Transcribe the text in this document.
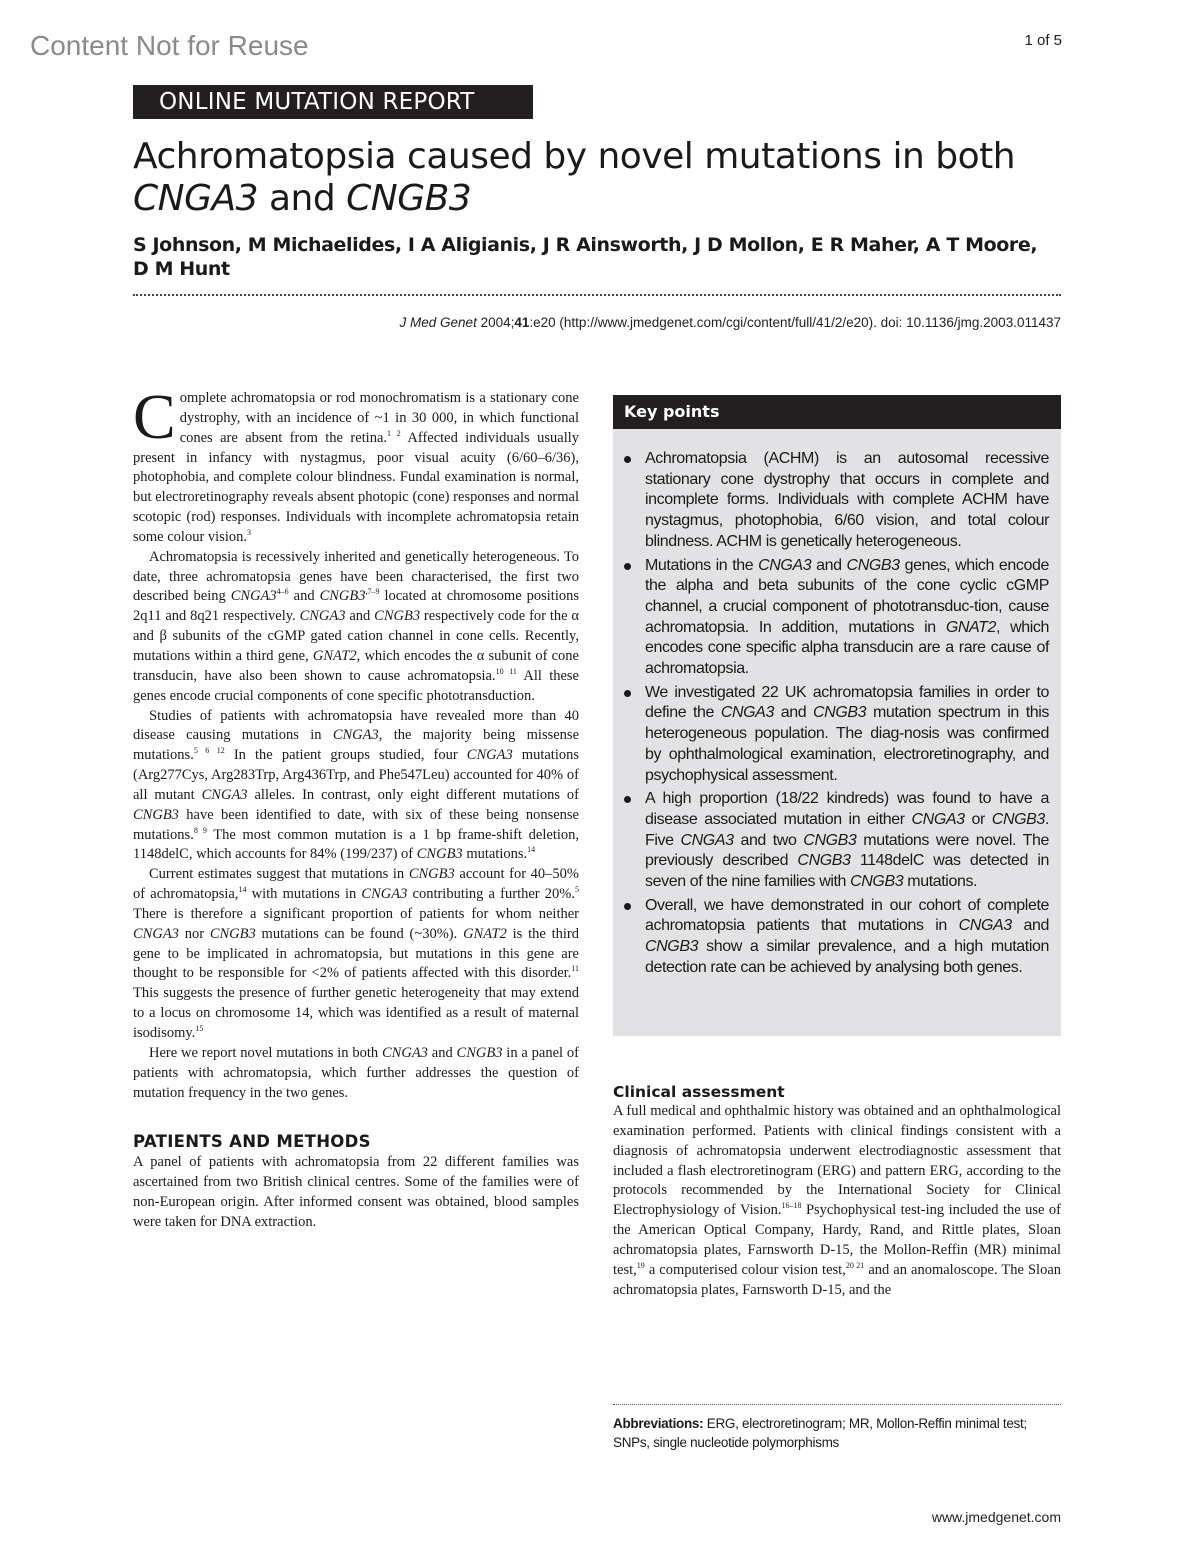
Content Not for Reuse	1 of 5
ONLINE MUTATION REPORT
Achromatopsia caused by novel mutations in both CNGA3 and CNGB3
S Johnson, M Michaelides, I A Aligianis, J R Ainsworth, J D Mollon, E R Maher, A T Moore, D M Hunt
J Med Genet 2004;41:e20 (http://www.jmedgenet.com/cgi/content/full/41/2/e20). doi: 10.1136/jmg.2003.011437

Complete achromatopsia or rod monochromatism is a stationary cone dystrophy, with an incidence of ~1 in 30 000, in which functional cones are absent from the retina.$^{1 2}$ Affected individuals usually present in infancy with nystagmus, poor visual acuity (6/60–6/36), photophobia, and complete colour blindness. Fundal examination is normal, but electroretinography reveals absent photopic (cone) responses and normal scotopic (rod) responses. Individuals with incomplete achromatopsia retain some colour vision.$^3$

Achromatopsia is recessively inherited and genetically heterogeneous. To date, three achromatopsia genes have been characterised, the first two described being CNGA3$^{4-6}$ and $CNGB3^{,7-9}$ located at chromosome positions 2q11 and 8q21 respectively. CNGA3 and CNGB3 respectively code for the α and β subunits of the cGMP gated cation channel in cone cells. Recently, mutations within a third gene, GNAT2, which encodes the α subunit of cone transducin, have also been shown to cause achromatopsia.$^{10 11}$ All these genes encode crucial components of cone specific phototransduction.

Studies of patients with achromatopsia have revealed more than 40 disease causing mutations in CNGA3, the majority being missense mutations.$^{5 6 12}$ In the patient groups studied, four CNGA3 mutations (Arg277Cys, Arg283Trp, Arg436Trp, and Phe547Leu) accounted for 40% of all mutant CNGA3 alleles. In contrast, only eight different mutations of CNGB3 have been identified to date, with six of these being nonsense mutations.$^{8 9}$ The most common mutation is a 1 bp frame-shift deletion, 1148delC, which accounts for 84% (199/237) of CNGB3 mutations.$^{14}$

Current estimates suggest that mutations in CNGB3 account for 40–50% of achromatopsia,$^{14}$ with mutations in CNGA3 contributing a further 20%.$^5$ There is therefore a significant proportion of patients for whom neither CNGA3 nor CNGB3 mutations can be found (~30%). GNAT2 is the third gene to be implicated in achromatopsia, but mutations in this gene are thought to be responsible for <2% of patients affected with this disorder.$^{11}$ This suggests the presence of further genetic heterogeneity that may extend to a locus on chromosome 14, which was identified as a result of maternal isodisomy.$^{15}$

Here we report novel mutations in both CNGA3 and CNGB3 in a panel of patients with achromatopsia, which further addresses the question of mutation frequency in the two genes.

PATIENTS AND METHODS

A panel of patients with achromatopsia from 22 different families was ascertained from two British clinical centres. Some of the families were of non-European origin. After informed consent was obtained, blood samples were taken for DNA extraction.

Key points
Achromatopsia (ACHM) is an autosomal recessive stationary cone dystrophy that occurs in complete and incomplete forms. Individuals with complete ACHM have nystagmus, photophobia, 6/60 vision, and total colour blindness. ACHM is genetically heterogeneous.
Mutations in the CNGA3 and CNGB3 genes, which encode the alpha and beta subunits of the cone cyclic cGMP channel, a crucial component of phototransduc-tion, cause achromatopsia. In addition, mutations in GNAT2, which encodes cone specific alpha transducin are a rare cause of achromatopsia.
We investigated 22 UK achromatopsia families in order to define the CNGA3 and CNGB3 mutation spectrum in this heterogeneous population. The diag-nosis was confirmed by ophthalmological examination, electroretinography, and psychophysical assessment.
A high proportion (18/22 kindreds) was found to have a disease associated mutation in either CNGA3 or CNGB3. Five CNGA3 and two CNGB3 mutations were novel. The previously described CNGB3 1148delC was detected in seven of the nine families with CNGB3 mutations.
Overall, we have demonstrated in our cohort of complete achromatopsia patients that mutations in CNGA3 and CNGB3 show a similar prevalence, and a high mutation detection rate can be achieved by analysing both genes.
Clinical assessment

A full medical and ophthalmic history was obtained and an ophthalmological examination performed. Patients with clinical findings consistent with a diagnosis of achromatopsia underwent electrodiagnostic assessment that included a flash electroretinogram (ERG) and pattern ERG, according to the protocols recommended by the International Society for Clinical Electrophysiology of Vision.$^{16-18}$ Psychophysical test-ing included the use of the American Optical Company, Hardy, Rand, and Rittle plates, Sloan achromatopsia plates, Farnsworth D-15, the Mollon-Reffin (MR) minimal test,$^{19}$ a computerised colour vision test,$^{20 21}$ and an anomaloscope. The Sloan achromatopsia plates, Farnsworth D-15, and the

Abbreviations: ERG, electroretinogram; MR, Mollon-Reffin minimal test; SNPs, single nucleotide polymorphisms
www.jmedgenet.com
